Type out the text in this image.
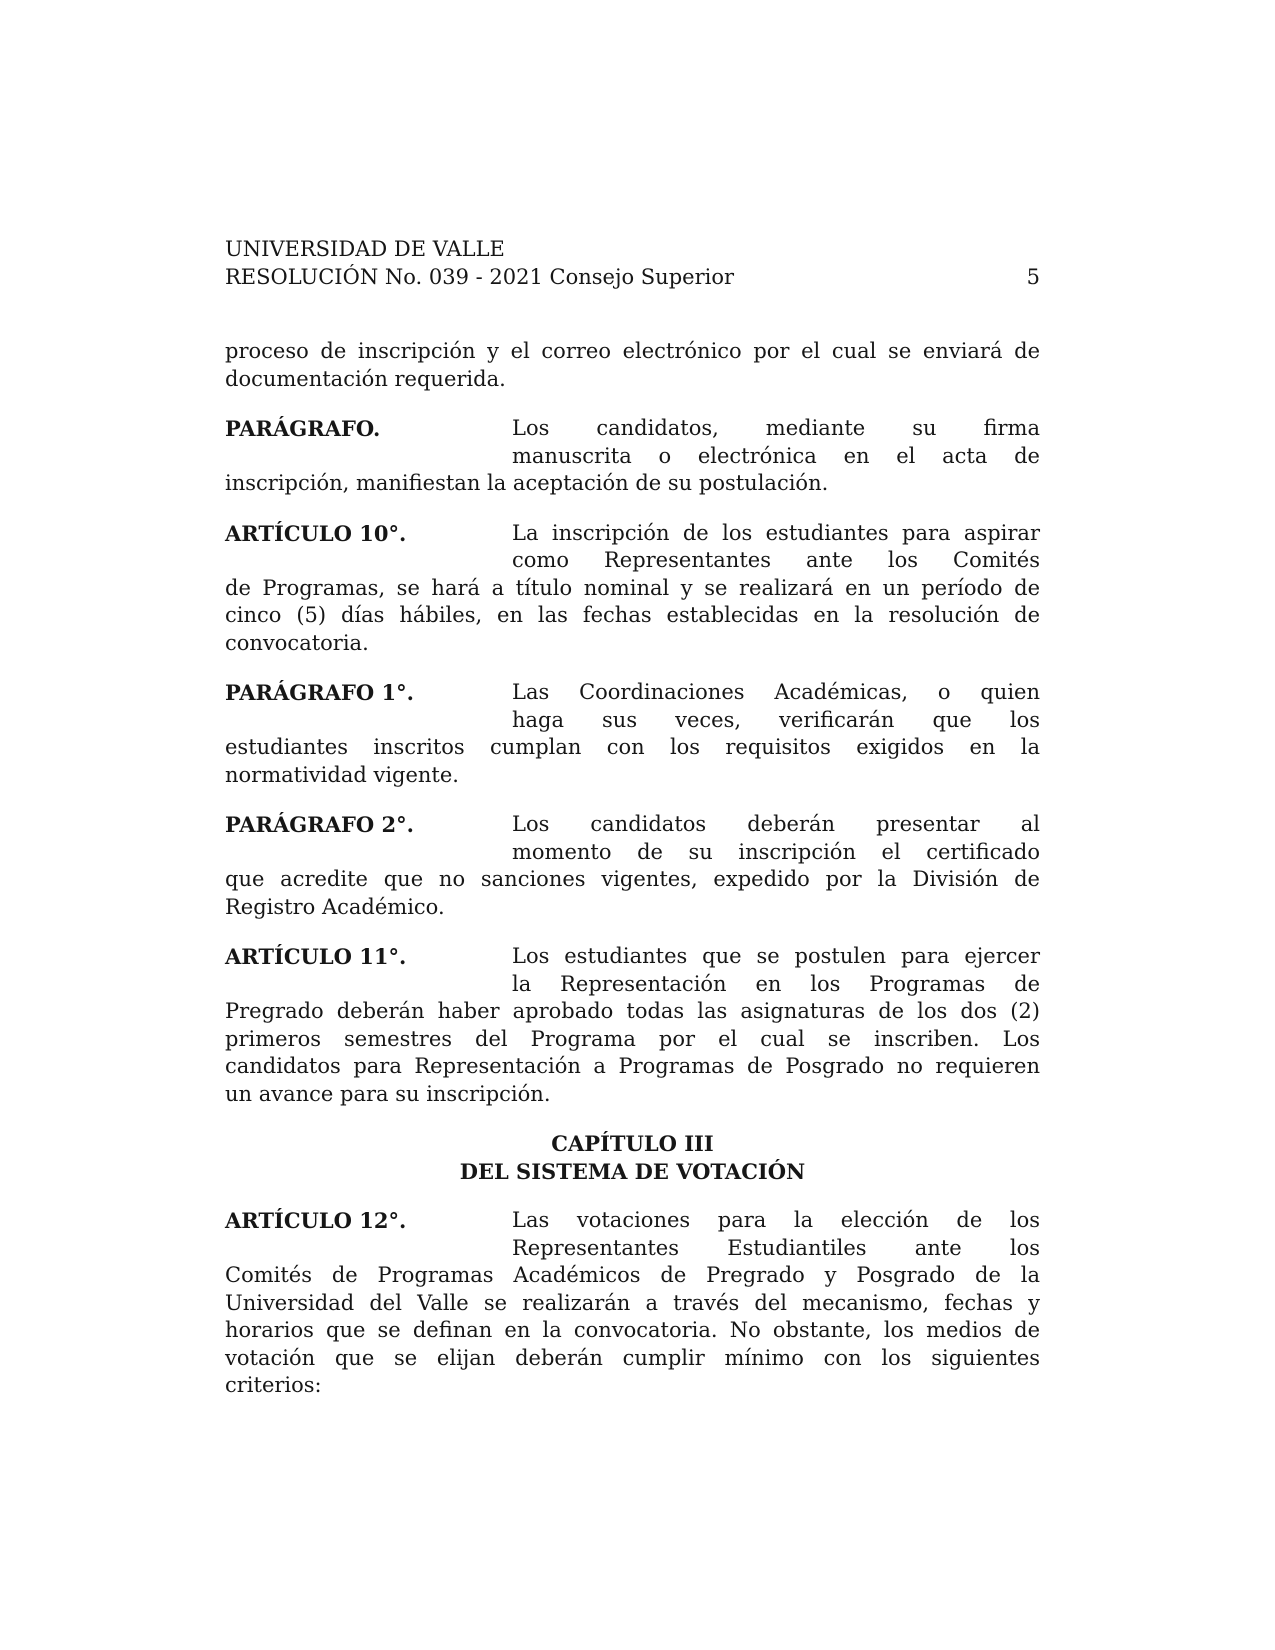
UNIVERSIDAD DE VALLE
RESOLUCIÓN No. 039 - 2021 Consejo Superior	5
proceso de inscripción y el correo electrónico por el cual se enviará de
documentación requerida.
PARÁGRAFO.	Los candidatos, mediante su firma
manuscrita o electrónica en el acta de
inscripción, manifiestan la aceptación de su postulación.
ARTÍCULO 10°.	La inscripción de los estudiantes para aspirar
como Representantes ante los Comités
de Programas, se hará a título nominal y se realizará en un período de
cinco (5) días hábiles, en las fechas establecidas en la resolución de
convocatoria.
PARÁGRAFO 1°.	Las Coordinaciones Académicas, o quien
haga sus veces, verificarán que los
estudiantes inscritos cumplan con los requisitos exigidos en la
normatividad vigente.
PARÁGRAFO 2°.	Los candidatos deberán presentar al
momento de su inscripción el certificado
que acredite que no sanciones vigentes, expedido por la División de
Registro Académico.
ARTÍCULO 11°.	Los estudiantes que se postulen para ejercer
la Representación en los Programas de
Pregrado deberán haber aprobado todas las asignaturas de los dos (2)
primeros semestres del Programa por el cual se inscriben. Los
candidatos para Representación a Programas de Posgrado no requieren
un avance para su inscripción.
CAPÍTULO III
DEL SISTEMA DE VOTACIÓN
ARTÍCULO 12°.	Las votaciones para la elección de los
Representantes Estudiantiles ante los
Comités de Programas Académicos de Pregrado y Posgrado de la
Universidad del Valle se realizarán a través del mecanismo, fechas y
horarios que se definan en la convocatoria. No obstante, los medios de
votación que se elijan deberán cumplir mínimo con los siguientes
criterios:
